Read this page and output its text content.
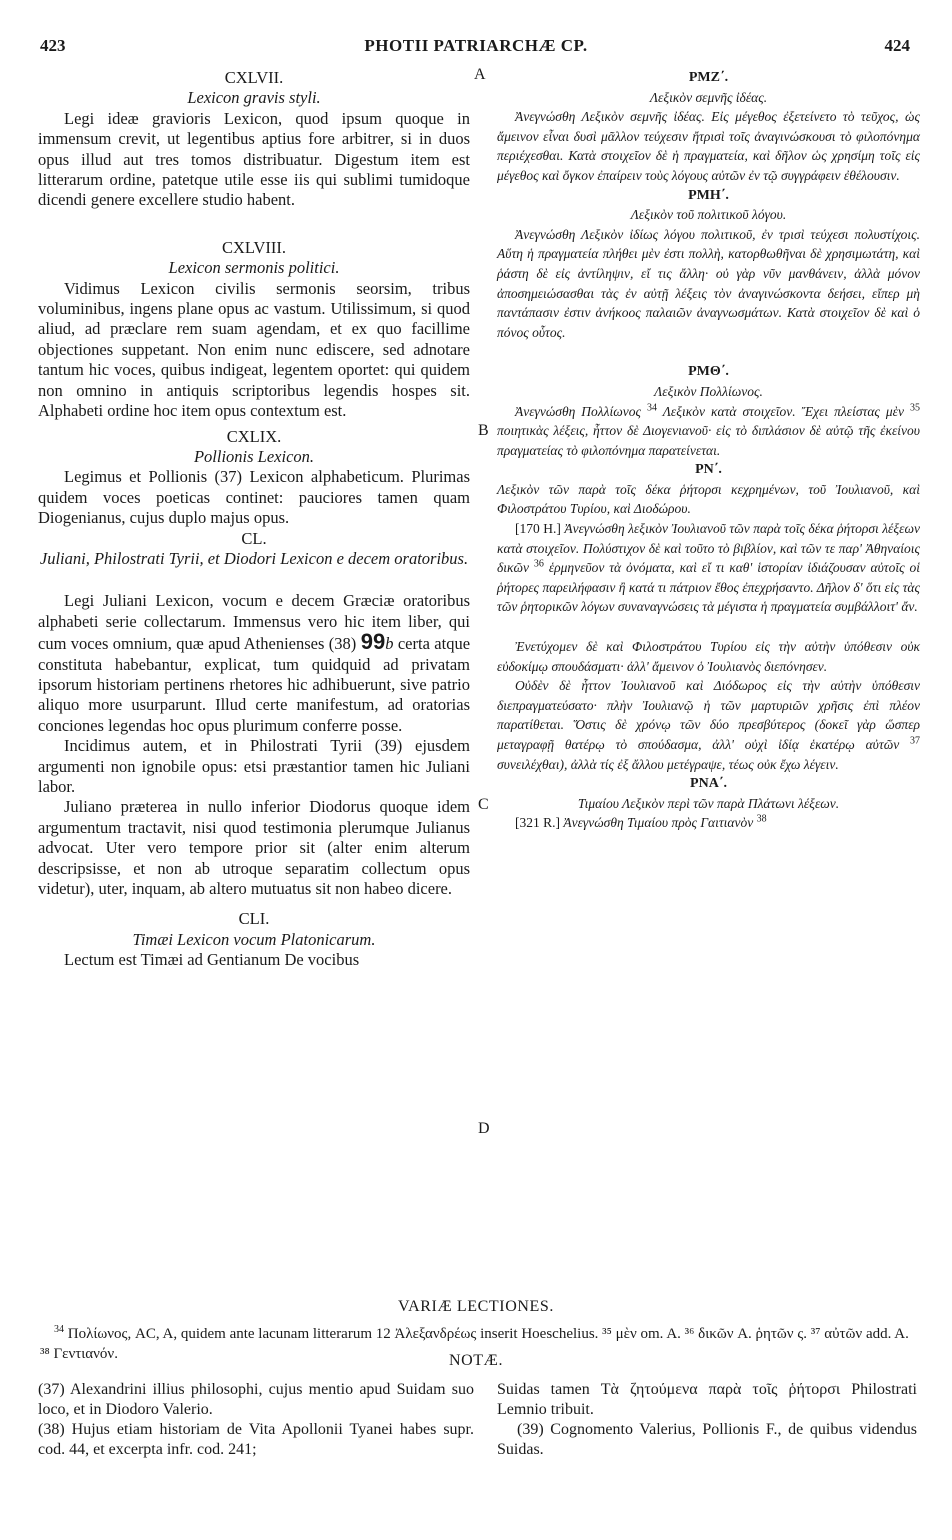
423	PHOTII PATRIARCHÆ CP.	424
A
B
C
D
CXLVII.
Lexicon gravis styli.

Legi ideæ gravioris Lexicon, quod ipsum quoque in immensum crevit, ut legentibus aptius fore arbitrer, si in duos opus illud aut tres tomos distribuatur. Digestum item est litterarum ordine, patetque utile esse iis qui sublimi tumidoque dicendi genere excellere studio habent.

CXLVIII.
Lexicon sermonis politici.

Vidimus Lexicon civilis sermonis seorsim, tribus voluminibus, ingens plane opus ac vastum. Utilissimum, si quod aliud, ad præclare rem suam agendam, et ex quo facillime objectiones suppetant. Non enim nunc ediscere, sed adnotare tantum hic voces, quibus indigeat, legentem oportet: qui quidem non omnino in antiquis scriptoribus legendis hospes sit. Alphabeti ordine hoc item opus contextum est.

CXLIX.
Pollionis Lexicon.

Legimus et Pollionis (37) Lexicon alphabeticum. Plurimas quidem voces poeticas continet: pauciores tamen quam Diogenianus, cujus duplo majus opus.

CL.
Juliani, Philostrati Tyrii, et Diodori Lexicon e decem oratoribus.

Legi Juliani Lexicon, vocum e decem Græciæ oratoribus alphabeti serie collectarum. Immensus vero hic item liber, qui cum voces omnium, quæ apud Athenienses (38) 99b certa atque constituta habebantur, explicat, tum quidquid ad privatam ipsorum historiam pertinens rhetores hic adhibuerunt, sive patrio aliquo more usurparunt. Illud certe manifestum, ad oratorias conciones legendas hoc opus plurimum conferre posse.

Incidimus autem, et in Philostrati Tyrii (39) ejusdem argumenti non ignobile opus: etsi præstantior tamen hic Juliani labor.

Juliano præterea in nullo inferior Diodorus quoque idem argumentum tractavit, nisi quod testimonia plerumque Julianus advocat. Uter vero tempore prior sit (alter enim alterum descripsisse, et non ab utroque separatim collectum opus videtur), uter, inquam, ab altero mutuatus sit non habeo dicere.

CLI.
Timæi Lexicon vocum Platonicarum.

Lectum est Timæi ad Gentianum De vocibus

ΡΜΖ΄.
Λεξικὸν σεμνῆς ἰδέας.

Ἀνεγνώσθη Λεξικὸν σεμνῆς ἰδέας. Εἰς μέγεθος ἐξετείνετο τὸ τεῦχος, ὡς ἄμεινον εἶναι δυσὶ μᾶλλον τεύχεσιν ἤτρισὶ τοῖς ἀναγινώσκουσι τὸ φιλοπόνημα περιέχεσθαι. Κατὰ στοιχεῖον δὲ ἡ πραγματεία, καὶ δῆλον ὡς χρησίμη τοῖς εἰς μέγεθος καὶ ὄγκον ἐπαίρειν τοὺς λόγους αὐτῶν ἐν τῷ συγγράφειν ἐθέλουσιν.

ΡΜΗ΄.
Λεξικὸν τοῦ πολιτικοῦ λόγου.

Ἀνεγνώσθη Λεξικὸν ἰδίως λόγου πολιτικοῦ, ἐν τρισὶ τεύχεσι πολυστίχοις. Αὕτη ἡ πραγματεία πλήθει μὲν ἐστι πολλὴ, κατορθωθῆναι δὲ χρησιμωτάτη, καὶ ῥάστη δὲ εἰς ἀντίληψιν, εἴ τις ἄλλη· οὐ γὰρ νῦν μανθάνειν, ἀλλὰ μόνον ἀποσημειώσασθαι τὰς ἐν αὐτῇ λέξεις τὸν ἀναγινώσκοντα δεήσει, εἴπερ μὴ παντάπασιν ἐστιν ἀνήκοος παλαιῶν ἀναγνωσμάτων. Κατὰ στοιχεῖον δὲ καὶ ὁ πόνος οὗτος.

ΡΜΘ΄.
Λεξικὸν Πολλίωνος.

Ἀνεγνώσθη Πολλίωνος $^{34}$ Λεξικὸν κατὰ στοιχεῖον. Ἔχει πλείστας μὲν $^{35}$ ποιητικὰς λέξεις, ἧττον δὲ Διογενιανοῦ· εἰς τὸ διπλάσιον δὲ αὐτῷ τῆς ἐκείνου πραγματείας τὸ φιλοπόνημα παρατείνεται.

ΡΝ΄.

Λεξικὸν τῶν παρὰ τοῖς δέκα ῥήτορσι κεχρημένων, τοῦ Ἰουλιανοῦ, καὶ Φιλοστράτου Τυρίου, καὶ Διοδώρου.

[170 H.] Ἀνεγνώσθη λεξικὸν Ἰουλιανοῦ τῶν παρὰ τοῖς δέκα ῥήτορσι λέξεων κατὰ στοιχεῖον. Πολύστιχον δὲ καὶ τοῦτο τὸ βιβλίον, καὶ τῶν τε παρ' Ἀθηναίοις δικῶν $^{36}$ ἑρμηνεῦον τὰ ὀνόματα, καὶ εἴ τι καθ' ἱστορίαν ἰδιάζουσαν αὐτοῖς οἱ ῥήτορες παρειλήφασιν ἢ κατά τι πάτριον ἔθος ἐπεχρήσαντο. Δῆλον δ' ὅτι εἰς τὰς τῶν ῥητορικῶν λόγων συναναγνώσεις τὰ μέγιστα ἡ πραγματεία συμβάλλοιτ' ἄν.

Ἐνετύχομεν δὲ καὶ Φιλοστράτου Τυρίου εἰς τὴν αὐτὴν ὑπόθεσιν οὐκ εὐδοκίμῳ σπουδάσματι· ἀλλ' ἄμεινον ὁ Ἰουλιανὸς διεπόνησεν.

Οὐδὲν δὲ ἧττον Ἰουλιανοῦ καὶ Διόδωρος εἰς τὴν αὐτὴν ὑπόθεσιν διεπραγματεύσατο· πλὴν Ἰουλιανῷ ἡ τῶν μαρτυριῶν χρῆσις ἐπὶ πλέον παρατίθεται. Ὅστις δὲ χρόνῳ τῶν δύο πρεσβύτερος (δοκεῖ γὰρ ὥσπερ μεταγραφῇ θατέρῳ τὸ σπούδασμα, ἀλλ' οὐχὶ ἰδίᾳ ἑκατέρῳ αὐτῶν $^{37}$ συνειλέχθαι), ἀλλὰ τίς ἐξ ἄλλου μετέγραψε, τέως οὐκ ἔχω λέγειν.

ΡΝΑ΄.
Τιμαίου Λεξικὸν περὶ τῶν παρὰ Πλάτωνι λέξεων.

[321 R.] Ἀνεγνώσθη Τιμαίου πρὸς Γαιτιανὸν $^{38}$

VARIÆ LECTIONES.

$^{34}$ Πολίωνος, AC, A, quidem ante lacunam litterarum 12 Ἀλεξανδρέως inserit Hoeschelius. ³⁵ μὲν om. A. ³⁶ δικῶν A. ῥητῶν ς. ³⁷ αὐτῶν add. A. ³⁸ Γεντιανόν.	NOTÆ.

(37) Alexandrini illius philosophi, cujus mentio apud Suidam suo loco, et in Diodoro Valerio.

(38) Hujus etiam historiam de Vita Apollonii Tyanei habes supr. cod. 44, et excerpta infr. cod. 241;

Suidas tamen Τὰ ζητούμενα παρὰ τοῖς ῥήτορσι Philostrati Lemnio tribuit.

(39) Cognomento Valerius, Pollionis F., de quibus videndus Suidas.
